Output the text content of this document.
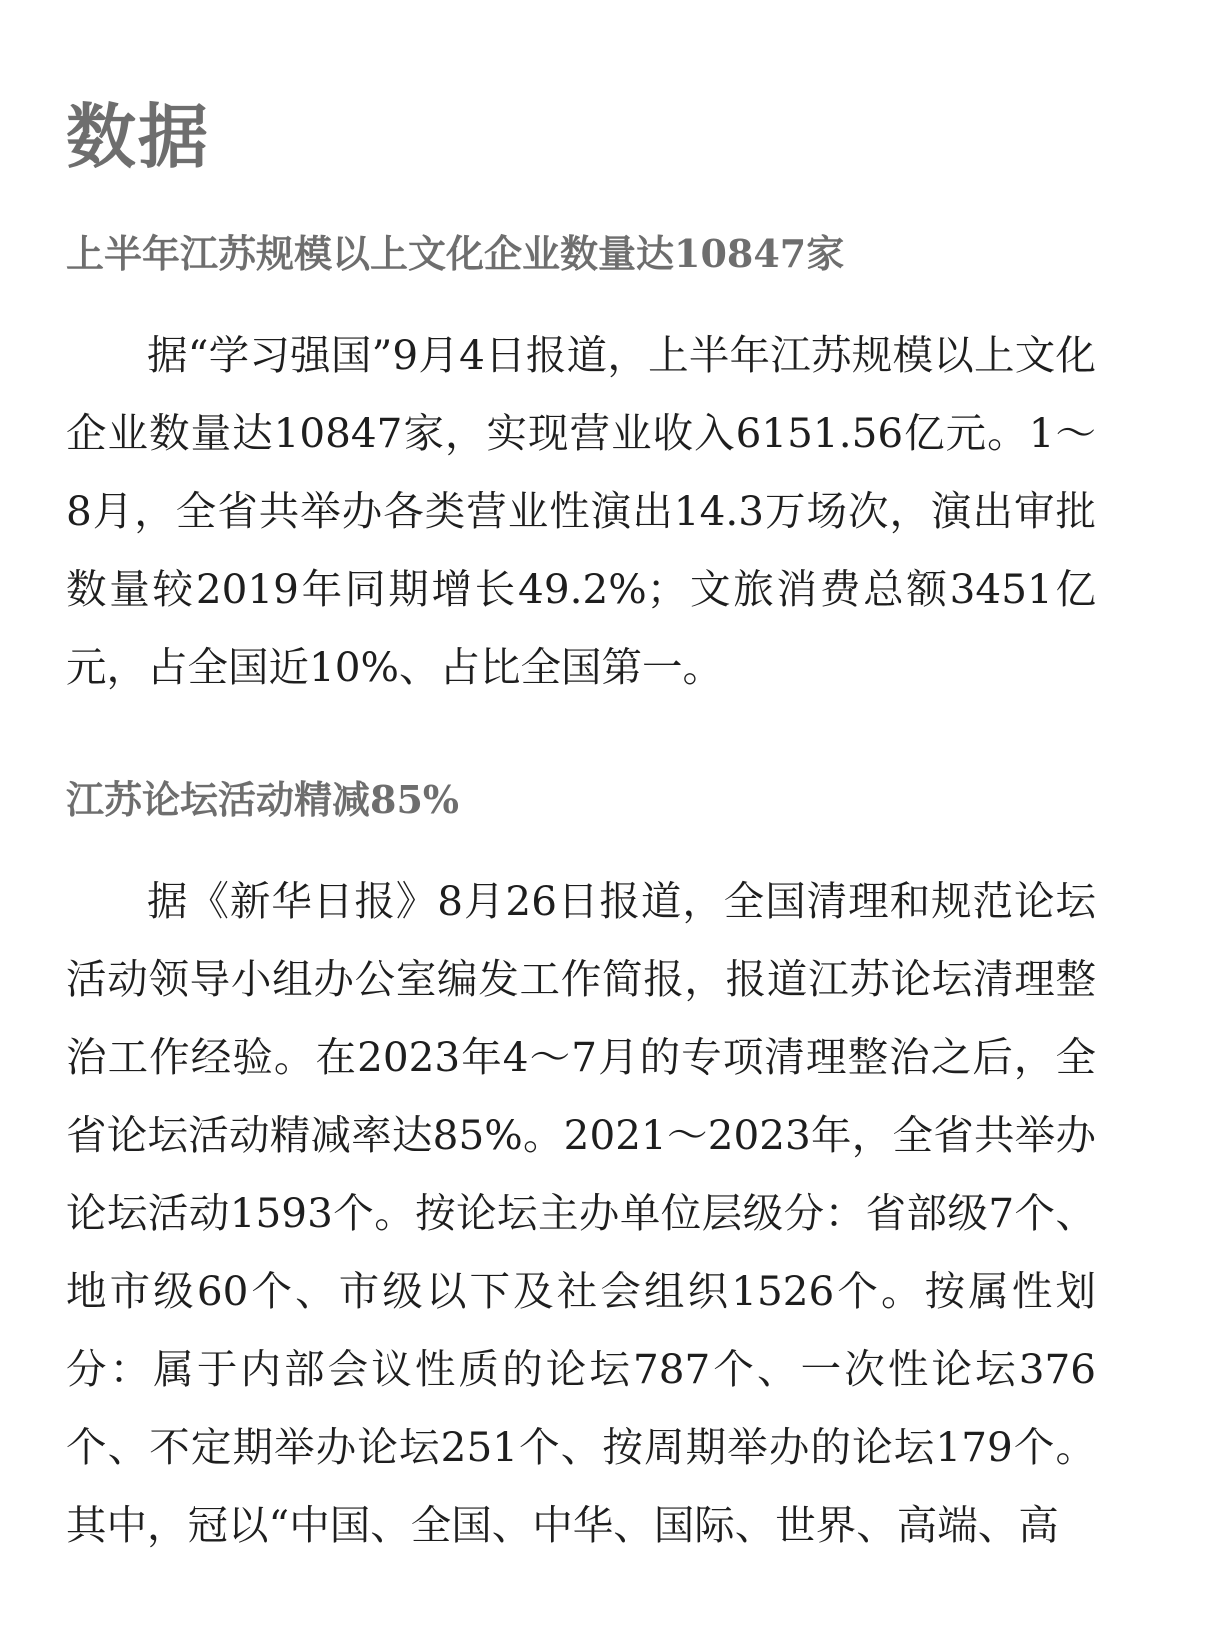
数据
上半年江苏规模以上文化企业数量达10847家

据“学习强国”9月4日报道，上半年江苏规模以上文化企业数量达10847家，实现营业收入6151.56亿元。1～8月，全省共举办各类营业性演出14.3万场次，演出审批数量较2019年同期增长49.2%；文旅消费总额3451亿元，占全国近10%、占比全国第一。

江苏论坛活动精减85%

据《新华日报》8月26日报道，全国清理和规范论坛活动领导小组办公室编发工作简报，报道江苏论坛清理整治工作经验。在2023年4～7月的专项清理整治之后，全省论坛活动精减率达85%。2021～2023年，全省共举办论坛活动1593个。按论坛主办单位层级分：省部级7个、地市级60个、市级以下及社会组织1526个。按属性划分：属于内部会议性质的论坛787个、一次性论坛376个、不定期举办论坛251个、按周期举办的论坛179个。其中，冠以“中国、全国、中华、国际、世界、高端、高
